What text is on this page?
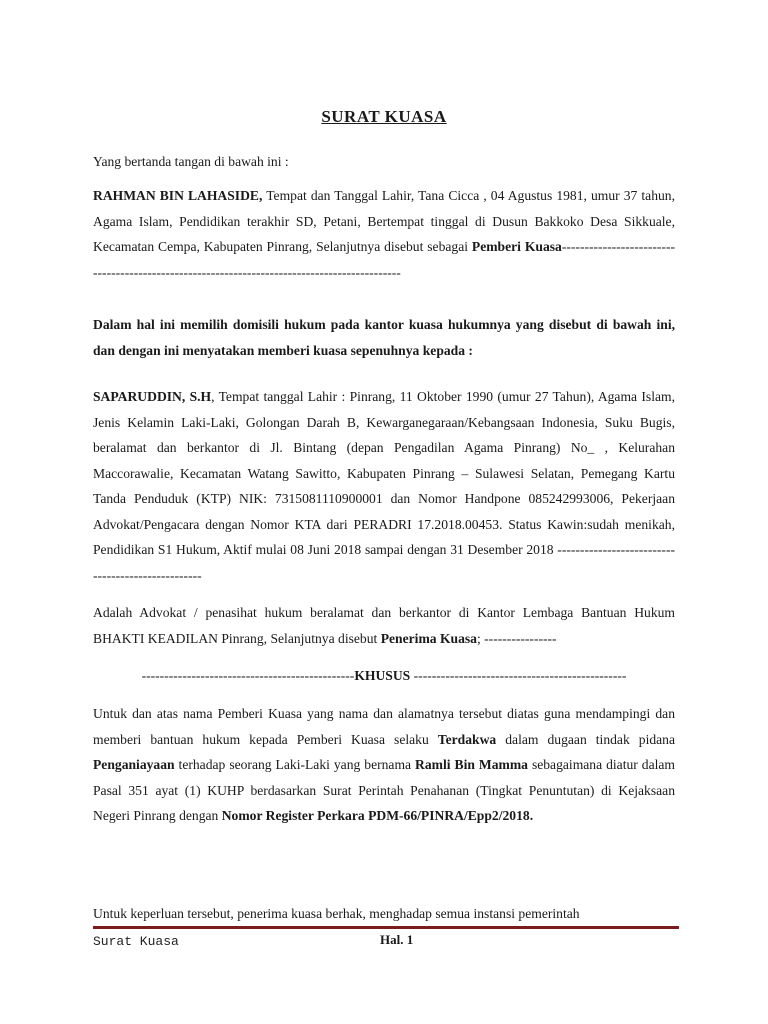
SURAT KUASA

Yang bertanda tangan di bawah ini :

RAHMAN BIN LAHASIDE, Tempat dan Tanggal Lahir, Tana Cicca , 04 Agustus 1981, umur 37 tahun, Agama Islam, Pendidikan terakhir SD, Petani, Bertempat tinggal di Dusun Bakkoko Desa Sikkuale, Kecamatan Cempa, Kabupaten Pinrang, Selanjutnya disebut sebagai Pemberi Kuasa---------------------------------------------------------------------------------------------

Dalam hal ini memilih domisili hukum pada kantor kuasa hukumnya yang disebut di bawah ini, dan dengan ini menyatakan memberi kuasa sepenuhnya kepada :

SAPARUDDIN, S.H, Tempat tanggal Lahir : Pinrang, 11 Oktober 1990 (umur 27 Tahun), Agama Islam, Jenis Kelamin Laki-Laki, Golongan Darah B, Kewarganegaraan/Kebangsaan Indonesia, Suku Bugis, beralamat dan berkantor di Jl. Bintang (depan Pengadilan Agama Pinrang) No_ , Kelurahan Maccorawalie, Kecamatan Watang Sawitto, Kabupaten Pinrang – Sulawesi Selatan, Pemegang Kartu Tanda Penduduk (KTP) NIK: 7315081110900001 dan Nomor Handpone 085242993006, Pekerjaan Advokat/Pengacara dengan Nomor KTA dari PERADRI 17.2018.00453. Status Kawin:sudah menikah, Pendidikan S1 Hukum, Aktif mulai 08 Juni 2018 sampai dengan 31 Desember 2018 --------------------------------------------------

Adalah Advokat / penasihat hukum beralamat dan berkantor di Kantor Lembaga Bantuan Hukum BHAKTI KEADILAN Pinrang, Selanjutnya disebut Penerima Kuasa; ----------------

-----------------------------------------------KHUSUS -----------------------------------------------

Untuk dan atas nama Pemberi Kuasa yang nama dan alamatnya tersebut diatas guna mendampingi dan memberi bantuan hukum kepada Pemberi Kuasa selaku Terdakwa dalam dugaan tindak pidana Penganiayaan terhadap seorang Laki-Laki yang bernama Ramli Bin Mamma sebagaimana diatur dalam Pasal 351 ayat (1) KUHP berdasarkan Surat Perintah Penahanan (Tingkat Penuntutan) di Kejaksaan Negeri Pinrang dengan Nomor Register Perkara PDM-66/PINRA/Epp2/2018.

Untuk keperluan tersebut, penerima kuasa berhak, menghadap semua instansi pemerintah

Surat Kuasa	Hal. 1
